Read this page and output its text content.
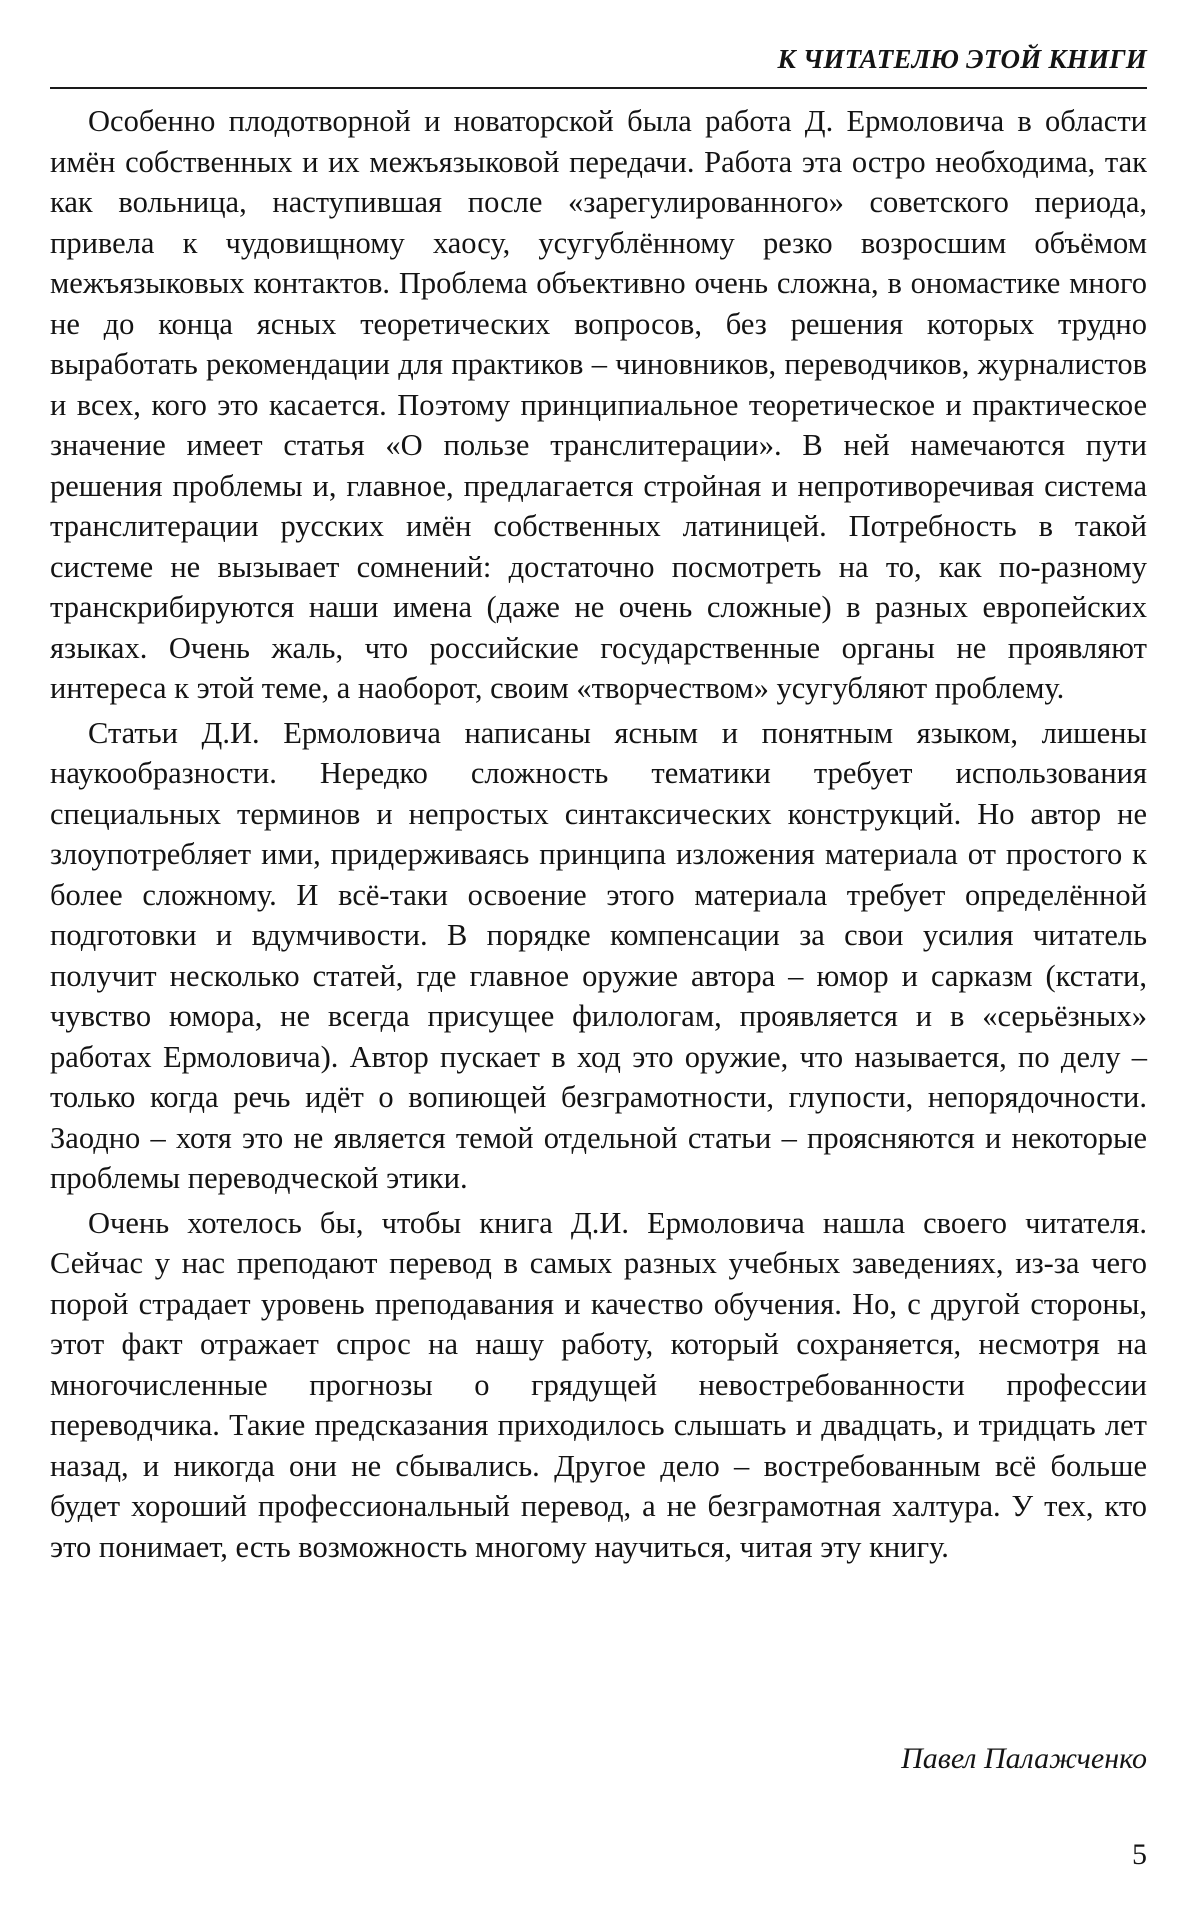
К ЧИТАТЕЛЮ ЭТОЙ КНИГИ

Особенно плодотворной и новаторской была работа Д. Ермоловича в области имён собственных и их межъязыковой передачи. Работа эта остро необходима, так как вольница, наступившая после «зарегулированного» советского периода, привела к чудовищному хаосу, усугублённому резко возросшим объёмом межъязыковых контактов. Проблема объективно очень сложна, в ономастике много не до конца ясных теоретических вопросов, без решения которых трудно выработать рекомендации для практиков – чиновников, переводчиков, журналистов и всех, кого это касается. Поэтому принципиальное теоретическое и практическое значение имеет статья «О пользе транслитерации». В ней намечаются пути решения проблемы и, главное, предлагается стройная и непротиворечивая система транслитерации русских имён собственных латиницей. Потребность в такой системе не вызывает сомнений: достаточно посмотреть на то, как по-разному транскрибируются наши имена (даже не очень сложные) в разных европейских языках. Очень жаль, что российские государственные органы не проявляют интереса к этой теме, а наоборот, своим «творчеством» усугубляют проблему.

Статьи Д.И. Ермоловича написаны ясным и понятным языком, лишены наукообразности. Нередко сложность тематики требует использования специальных терминов и непростых синтаксических конструкций. Но автор не злоупотребляет ими, придерживаясь принципа изложения материала от простого к более сложному. И всё-таки освоение этого материала требует определённой подготовки и вдумчивости. В порядке компенсации за свои усилия читатель получит несколько статей, где главное оружие автора – юмор и сарказм (кстати, чувство юмора, не всегда присущее филологам, проявляется и в «серьёзных» работах Ермоловича). Автор пускает в ход это оружие, что называется, по делу – только когда речь идёт о вопиющей безграмотности, глупости, непорядочности. Заодно – хотя это не является темой отдельной статьи – проясняются и некоторые проблемы переводческой этики.

Очень хотелось бы, чтобы книга Д.И. Ермоловича нашла своего читателя. Сейчас у нас преподают перевод в самых разных учебных заведениях, из-за чего порой страдает уровень преподавания и качество обучения. Но, с другой стороны, этот факт отражает спрос на нашу работу, который сохраняется, несмотря на многочисленные прогнозы о грядущей невостребованности профессии переводчика. Такие предсказания приходилось слышать и двадцать, и тридцать лет назад, и никогда они не сбывались. Другое дело – востребованным всё больше будет хороший профессиональный перевод, а не безграмотная халтура. У тех, кто это понимает, есть возможность многому научиться, читая эту книгу.

Павел Палажченко
5
